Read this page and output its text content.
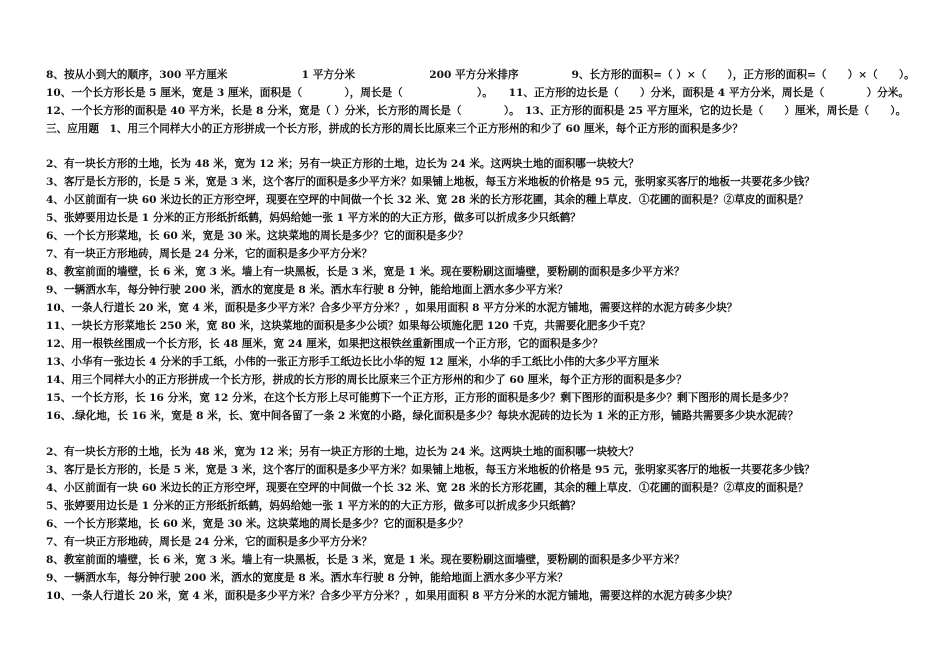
8、按从小到大的顺序，300 平方厘米　　　　　　　1 平方分米　　　　　　　200 平方分米排序　　　　　9、长方形的面积=（ ）×（　　），正方形的面积=（　　）×（　　）。
10、一个长方形长是 5 厘米，宽是 3 厘米，面积是（　　　　），周长是（　　　　　　　）。　　11、正方形的边长是（　　）分米，面积是 4 平方分米，周长是（　　　　）分米。
12、一个长方形的面积是 40 平方米，长是 8 分米，宽是（ ）分米，长方形的周长是（　　　　）。　13、正方形的面积是 25 平方厘米，它的边长是（　　）厘米，周长是（　　）。
三、应用题　1、用三个同样大小的正方形拼成一个长方形，拼成的长方形的周长比原来三个正方形州的和少了 60 厘米，每个正方形的面积是多少？
2、有一块长方形的土地，长为 48 米，宽为 12 米；另有一块正方形的土地，边长为 24 米。这两块土地的面积哪一块较大？
3、客厅是长方形的，长是 5 米，宽是 3 米，这个客厅的面积是多少平方米？如果铺上地板，每玉方米地板的价格是 95 元，张明家买客厅的地板一共要花多少钱？
4、小区前面有一块 60 米边长的正方形空坪，现要在空坪的中间做一个长 32 米、宽 28 米的长方形花圃，其余的種上草皮．①花圃的面积是？②草皮的面积是？
5、张婷要用边长是 1 分米的正方形纸折纸鹤，妈妈给她一张 1 平方米的的大正方形，做多可以折成多少只纸鹤？
6、一个长方形菜地，长 60 米，宽是 30 米。这块菜地的周长是多少？它的面积是多少？
7、有一块正方形地砖，周长是 24 分米，它的面积是多少平方分米？
8、教室前面的墙壁，长 6 米，宽 3 米。墙上有一块黑板，长是 3 米，宽是 1 米。现在要粉刷这面墙壁，要粉刷的面积是多少平方米？
9、一辆洒水车，每分钟行驶 200 米，洒水的宽度是 8 米。洒水车行驶 8 分钟，能给地面上洒水多少平方米？
10、一条人行道长 20 米，宽 4 米，面积是多少平方米？合多少平方分米？，如果用面积 8 平方分米的水泥方铺地，需要这样的水泥方砖多少块？
11、一块长方形菜地长 250 米，宽 80 米，这块菜地的面积是多少公顷？如果每公顷施化肥 120 千克，共需要化肥多少千克？
12、用一根铁丝围成一个长方形，长 48 厘米，宽 24 厘米，如果把这根铁丝重新围成一个正方形，它的面积是多少？
13、小华有一张边长 4 分米的手工纸，小伟的一张正方形手工纸边长比小华的短 12 厘米，小华的手工纸比小伟的大多少平方厘米
14、用三个同样大小的正方形拼成一个长方形，拼成的长方形的周长比原来三个正方形州的和少了 60 厘米，每个正方形的面积是多少？
15、一个长方形，长 16 分米，宽 12 分米，在这个长方形上尽可能剪下一个正方形，正方形的面积是多少？剩下图形的面积是多少？剩下图形的周长是多少？
16、.绿化地，长 16 米，宽是 8 米，长、宽中间各留了一条 2 米宽的小路，绿化面积是多少？每块水泥砖的边长为 1 米的正方形，铺路共需要多少块水泥砖？
2、有一块长方形的土地，长为 48 米，宽为 12 米；另有一块正方形的土地，边长为 24 米。这两块土地的面积哪一块较大？
3、客厅是长方形的，长是 5 米，宽是 3 米，这个客厅的面积是多少平方米？如果铺上地板，每玉方米地板的价格是 95 元，张明家买客厅的地板一共要花多少钱？
4、小区前面有一块 60 米边长的正方形空坪，现要在空坪的中间做一个长 32 米、宽 28 米的长方形花圃，其余的種上草皮．①花圃的面积是？②草皮的面积是？
5、张婷要用边长是 1 分米的正方形纸折纸鹤，妈妈给她一张 1 平方米的的大正方形，做多可以折成多少只纸鹤？
6、一个长方形菜地，长 60 米，宽是 30 米。这块菜地的周长是多少？它的面积是多少？
7、有一块正方形地砖，周长是 24 分米，它的面积是多少平方分米？
8、教室前面的墙壁，长 6 米，宽 3 米。墙上有一块黑板，长是 3 米，宽是 1 米。现在要粉刷这面墙壁，要粉刷的面积是多少平方米？
9、一辆洒水车，每分钟行驶 200 米，洒水的宽度是 8 米。洒水车行驶 8 分钟，能给地面上洒水多少平方米？
10、一条人行道长 20 米，宽 4 米，面积是多少平方米？合多少平方分米？，如果用面积 8 平方分米的水泥方铺地，需要这样的水泥方砖多少块？
